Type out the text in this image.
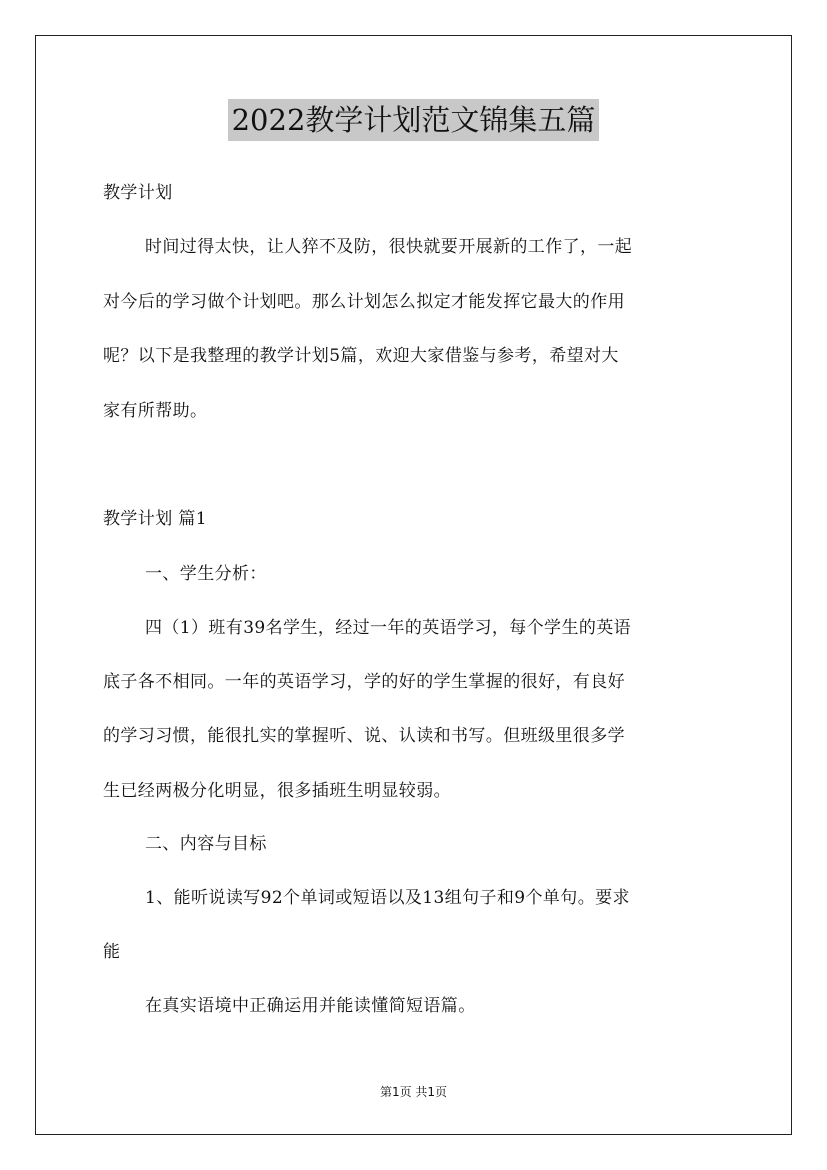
2022教学计划范文锦集五篇

教学计划

时间过得太快，让人猝不及防，很快就要开展新的工作了，一起

对今后的学习做个计划吧。那么计划怎么拟定才能发挥它最大的作用

呢？以下是我整理的教学计划5篇，欢迎大家借鉴与参考，希望对大

家有所帮助。

教学计划 篇1

一、学生分析：

四（1）班有39名学生，经过一年的英语学习，每个学生的英语

底子各不相同。一年的英语学习，学的好的学生掌握的很好，有良好

的学习习惯，能很扎实的掌握听、说、认读和书写。但班级里很多学

生已经两极分化明显，很多插班生明显较弱。

二、内容与目标

1、能听说读写92个单词或短语以及13组句子和9个单句。要求

能

在真实语境中正确运用并能读懂简短语篇。

第1页 共1页
